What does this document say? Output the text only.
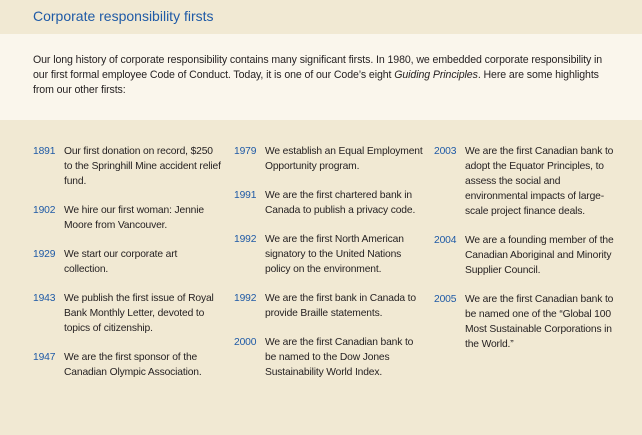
Corporate responsibility firsts

Our long history of corporate responsibility contains many significant firsts. In 1980, we embedded corporate responsibility in our first formal employee Code of Conduct. Today, it is one of our Code’s eight Guiding Principles. Here are some highlights from our other firsts:

1891 Our first donation on record, $250 to the Springhill Mine accident relief fund.
1902 We hire our first woman: Jennie Moore from Vancouver.
1929 We start our corporate art collection.
1943 We publish the first issue of Royal Bank Monthly Letter, devoted to topics of citizenship.
1947 We are the first sponsor of the Canadian Olympic Association.
1979 We establish an Equal Employment Opportunity program.
1991 We are the first chartered bank in Canada to publish a privacy code.
1992 We are the first North American signatory to the United Nations policy on the environment.
1992 We are the first bank in Canada to provide Braille statements.
2000 We are the first Canadian bank to be named to the Dow Jones Sustainability World Index.
2003 We are the first Canadian bank to adopt the Equator Principles, to assess the social and environmental impacts of large-scale project finance deals.
2004 We are a founding member of the Canadian Aboriginal and Minority Supplier Council.
2005 We are the first Canadian bank to be named one of the “Global 100 Most Sustainable Corporations in the World.”
